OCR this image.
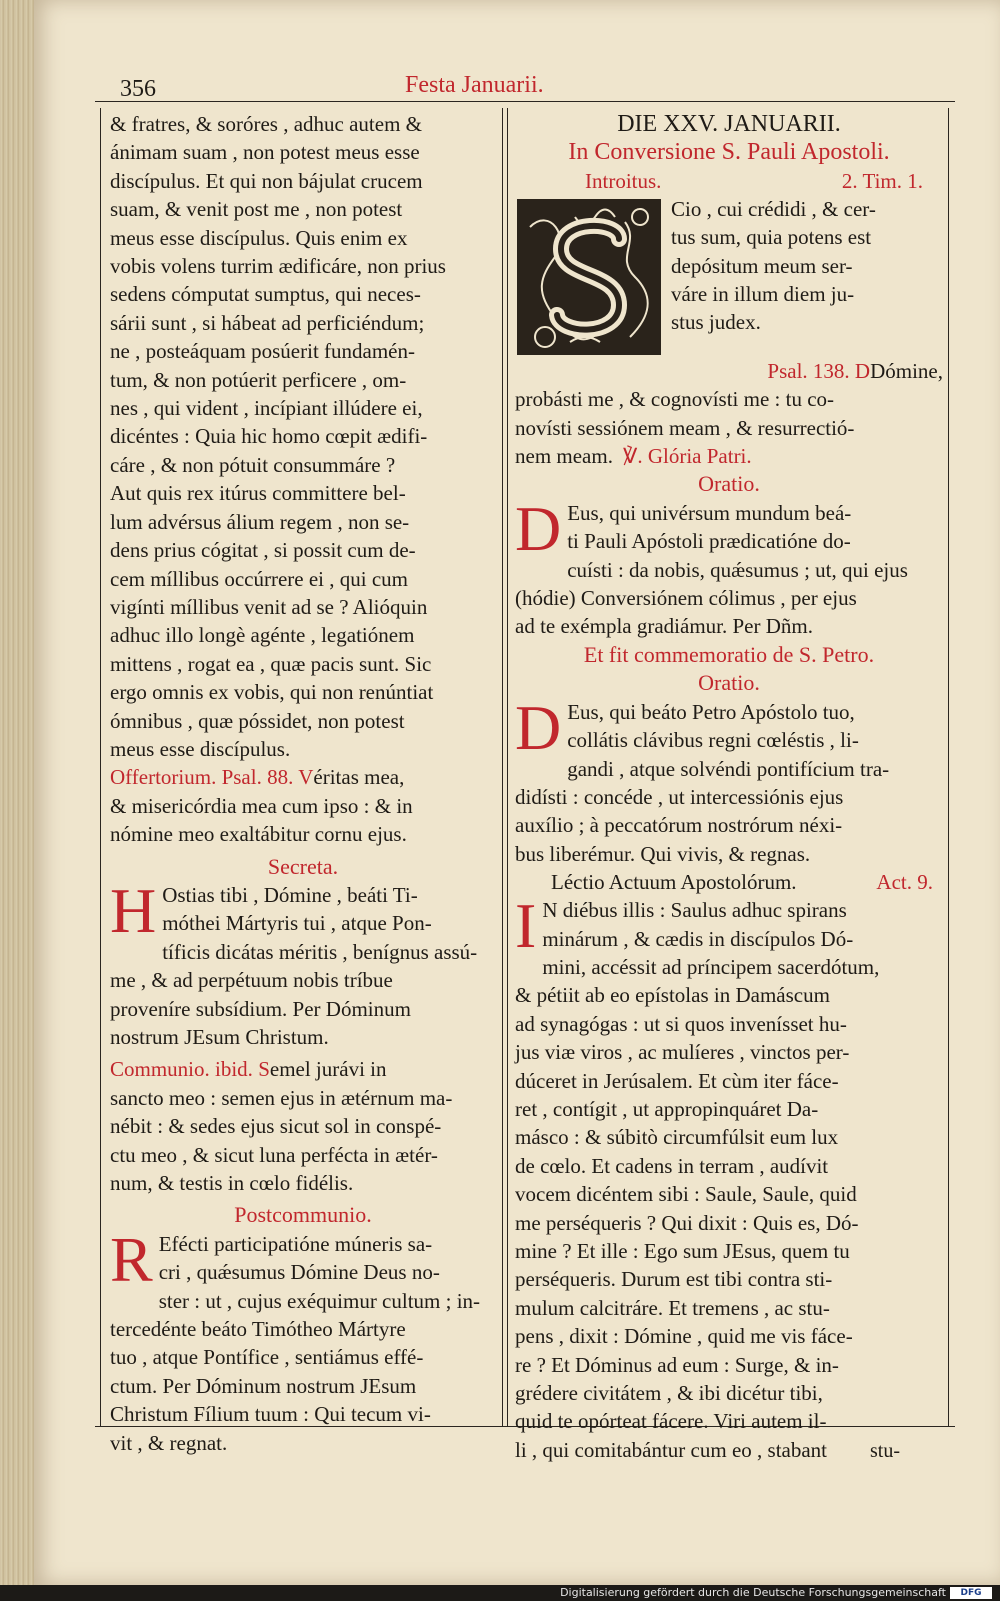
356	Festa Januarii.

& fratres, & soróres , adhuc autem &

ánimam suam , non potest meus esse

discípulus. Et qui non bájulat crucem

suam, & venit post me , non potest

meus esse discípulus. Quis enim ex

vobis volens turrim ædificáre, non prius

sedens cómputat sumptus, qui neces-

sárii sunt , si hábeat ad perficiéndum;

ne , posteáquam posúerit fundamén-

tum, & non potúerit perficere , om-

nes , qui vident , incípiant illúdere ei,

dicéntes : Quia hic homo cœpit ædifi-

cáre , & non pótuit consummáre ?

Aut quis rex itúrus committere bel-

lum advérsus álium regem , non se-

dens prius cógitat , si possit cum de-

cem míllibus occúrrere ei , qui cum

vigínti míllibus venit ad se ? Alióquin

adhuc illo longè agénte , legatiónem

mittens , rogat ea , quæ pacis sunt. Sic

ergo omnis ex vobis, qui non renúntiat

ómnibus , quæ póssidet, non potest

meus esse discípulus.

Offertorium. Psal. 88. Véritas mea,

& misericórdia mea cum ipso : & in

nómine meo exaltábitur cornu ejus.

Secreta.
H Ostias tibi , Dómine , beáti Ti-

móthei Mártyris tui , atque Pon-

tíficis dicátas méritis , benígnus assú-

me , & ad perpétuum nobis tríbue

proveníre subsídium. Per Dóminum

nostrum JEsum Christum.

Communio. ibid. Semel jurávi in

sancto meo : semen ejus in ætérnum ma-

nébit : & sedes ejus sicut sol in conspé-

ctu meo , & sicut luna perfécta in ætér-

num, & testis in cœlo fidélis.

Postcommunio.
R Efécti participatióne múneris sa-

cri , quǽsumus Dómine Deus no-

ster : ut , cujus exéquimur cultum ; in-

tercedénte beáto Timótheo Mártyre

tuo , atque Pontífice , sentiámus effé-

ctum. Per Dóminum nostrum JEsum

Christum Fílium tuum : Qui tecum vi-

vit , & regnat.

DIE XXV. JANUARII.
In Conversione S. Pauli Apostoli.
Introitus.	2. Tim. 1.

Cio , cui crédidi , & cer-

tus sum, quia potens est

depósitum meum ser-

váre in illum diem ju-

stus judex.

Psal. 138. DDómine,

probásti me , & cognovísti me : tu co-

novísti sessiónem meam , & resurrectió-

nem meam. ℣. Glória Patri.

Oratio.
D Eus, qui univérsum mundum beá-

ti Pauli Apóstoli prædicatióne do-

cuísti : da nobis, quǽsumus ; ut, qui ejus

(hódie) Conversiónem cólimus , per ejus

ad te exémpla gradiámur. Per Dñm.

Et fit commemoratio de S. Petro.
Oratio.
D Eus, qui beáto Petro Apóstolo tuo,

collátis clávibus regni cœléstis , li-

gandi , atque solvéndi pontifícium tra-

didísti : concéde , ut intercessiónis ejus

auxílio ; à peccatórum nostrórum néxi-

bus liberémur. Qui vivis, & regnas.

Léctio Actuum Apostolórum.	Act. 9.
I N diébus illis : Saulus adhuc spirans

minárum , & cædis in discípulos Dó-

mini, accéssit ad príncipem sacerdótum,

& pétiit ab eo epístolas in Damáscum

ad synagógas : ut si quos invenísset hu-

jus viæ viros , ac mulíeres , vinctos per-

dúceret in Jerúsalem. Et cùm iter fáce-

ret , contígit , ut appropinquáret Da-

másco : & súbitò circumfúlsit eum lux

de cœlo. Et cadens in terram , audívit

vocem dicéntem sibi : Saule, Saule, quid

me perséqueris ? Qui dixit : Quis es, Dó-

mine ? Et ille : Ego sum JEsus, quem tu

perséqueris. Durum est tibi contra sti-

mulum calcitráre. Et tremens , ac stu-

pens , dixit : Dómine , quid me vis fáce-

re ? Et Dóminus ad eum : Surge, & in-

grédere civitátem , & ibi dicétur tibi,

quid te opórteat fácere. Viri autem il-

li , qui comitabántur cum eo , stabant	stu-
Digitalisierung gefördert durch die Deutsche Forschungsgemeinschaft	DFG
